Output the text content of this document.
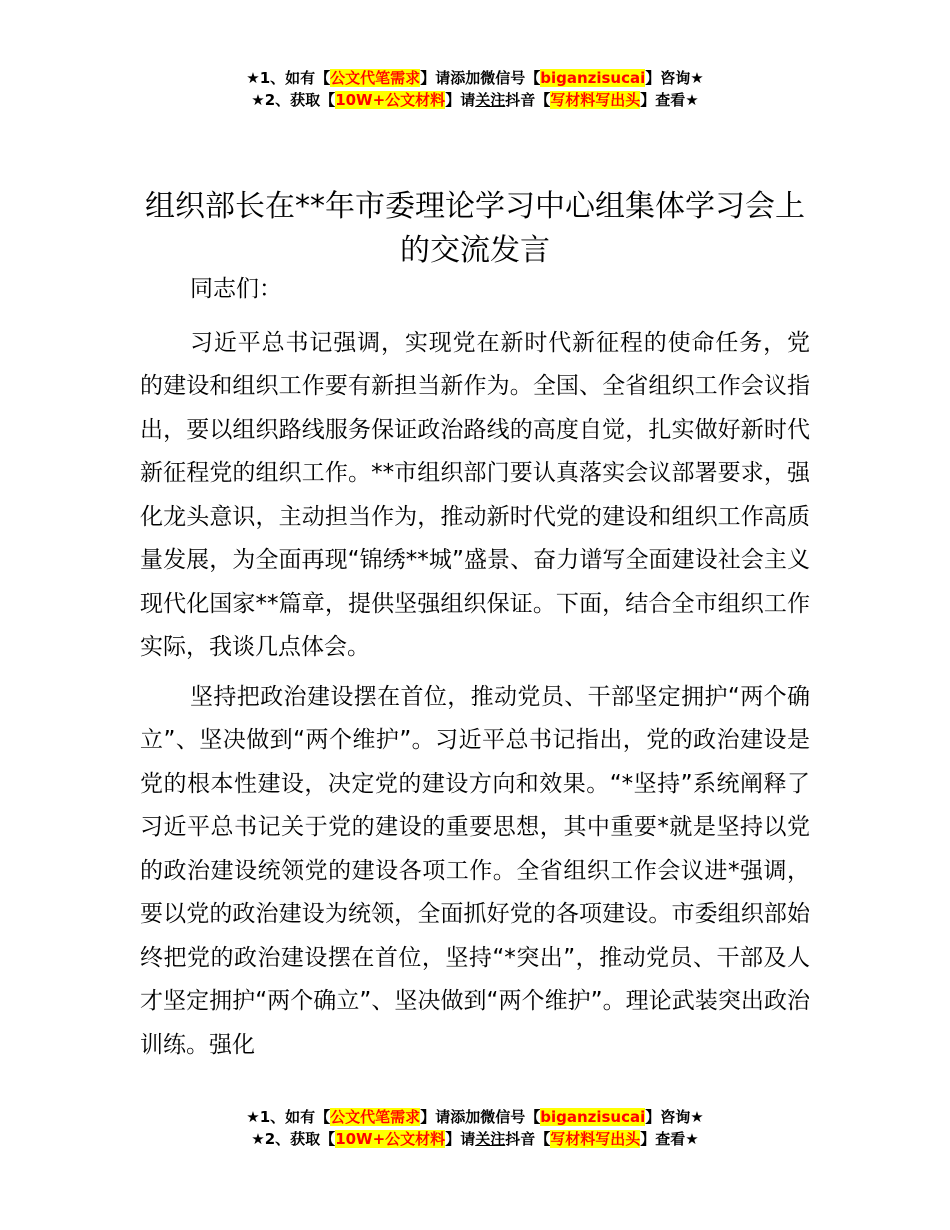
★1、如有【公文代笔需求】请添加微信号【biganzisucai】咨询★
★2、获取【10W+公文材料】请关注抖音【写材料写出头】查看★
组织部长在**年市委理论学习中心组集体学习会上的交流发言

同志们：

习近平总书记强调，实现党在新时代新征程的使命任务，党的建设和组织工作要有新担当新作为。全国、全省组织工作会议指出，要以组织路线服务保证政治路线的高度自觉，扎实做好新时代新征程党的组织工作。**市组织部门要认真落实会议部署要求，强化龙头意识，主动担当作为，推动新时代党的建设和组织工作高质量发展，为全面再现“锦绣**城”盛景、奋力谱写全面建设社会主义现代化国家**篇章，提供坚强组织保证。下面，结合全市组织工作实际，我谈几点体会。

坚持把政治建设摆在首位，推动党员、干部坚定拥护“两个确立”、坚决做到“两个维护”。习近平总书记指出，党的政治建设是党的根本性建设，决定党的建设方向和效果。“*坚持”系统阐释了习近平总书记关于党的建设的重要思想，其中重要*就是坚持以党的政治建设统领党的建设各项工作。全省组织工作会议进*强调，要以党的政治建设为统领，全面抓好党的各项建设。市委组织部始终把党的政治建设摆在首位，坚持“*突出”，推动党员、干部及人才坚定拥护“两个确立”、坚决做到“两个维护”。理论武装突出政治训练。强化

★1、如有【公文代笔需求】请添加微信号【biganzisucai】咨询★
★2、获取【10W+公文材料】请关注抖音【写材料写出头】查看★
